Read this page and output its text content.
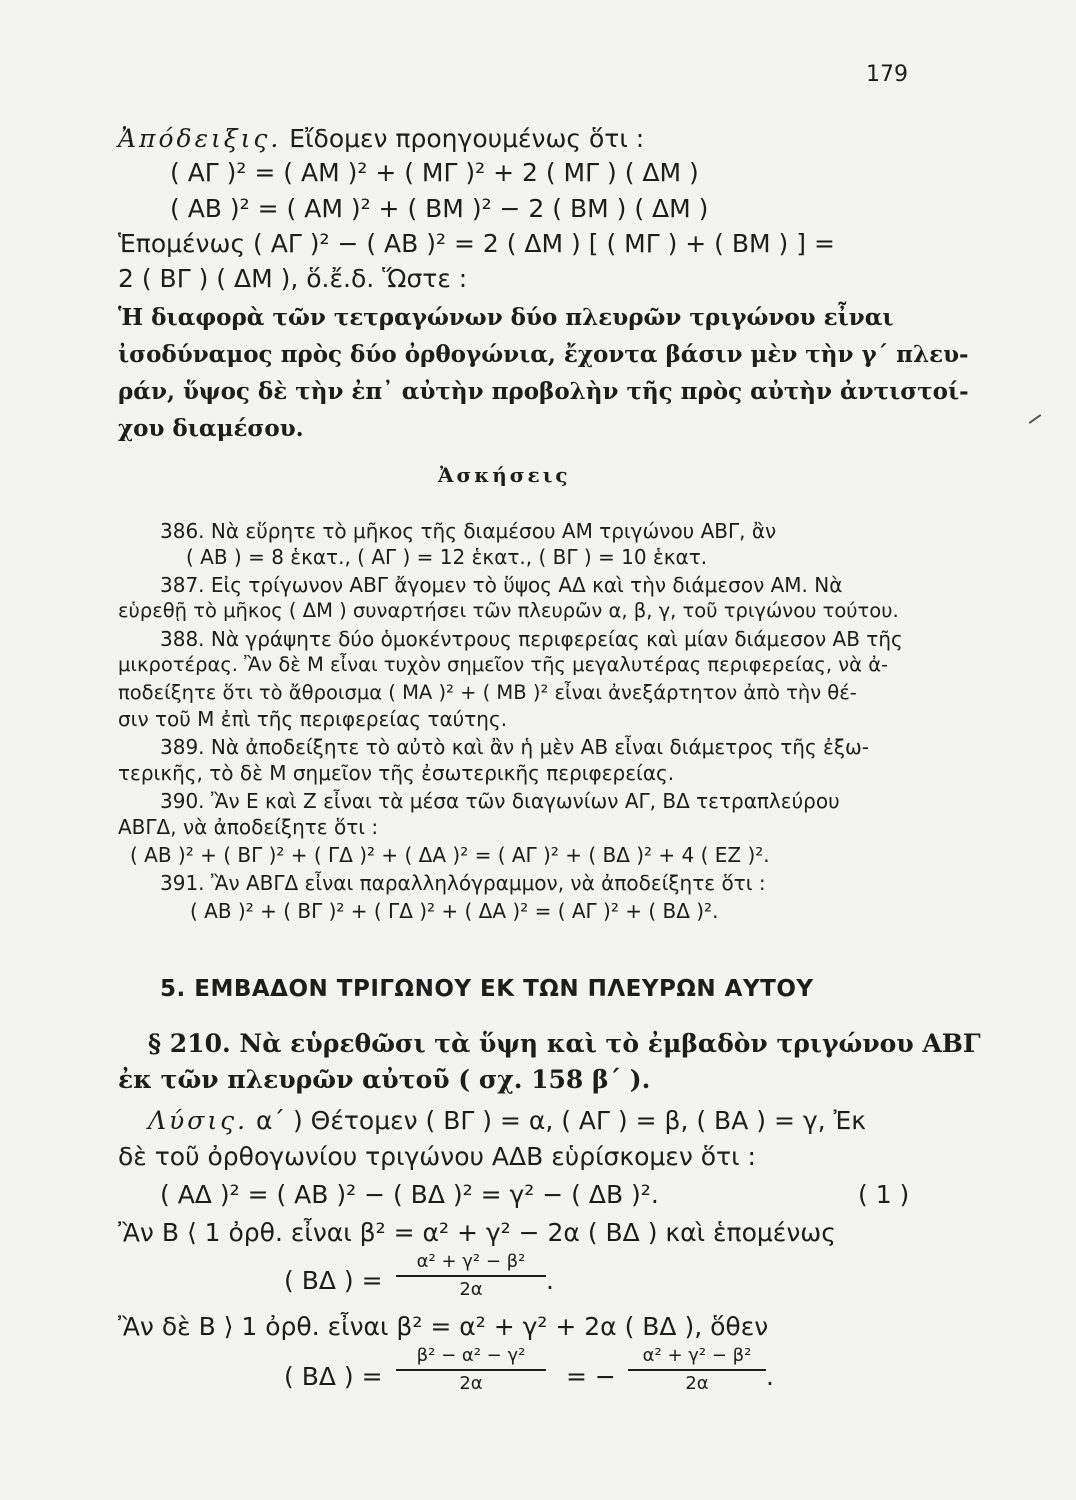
179
Ἀπόδειξις. Εἴδομεν προηγουμένως ὅτι :
( ΑΓ )² = ( ΑΜ )² + ( ΜΓ )² + 2 ( ΜΓ ) ( ΔΜ )
( ΑΒ )² = ( ΑΜ )² + ( ΒΜ )² − 2 ( ΒΜ ) ( ΔΜ )
Ἑπομένως ( ΑΓ )² − ( ΑΒ )² = 2 ( ΔΜ ) [ ( ΜΓ ) + ( ΒΜ ) ] =
2 ( ΒΓ ) ( ΔΜ ), ὅ.ἔ.δ. Ὥστε :
Ἡ διαφορὰ τῶν τετραγώνων δύο πλευρῶν τριγώνου εἶναι
ἰσοδύναμος πρὸς δύο ὀρθογώνια, ἔχοντα βάσιν μὲν τὴν γ΄ πλευ-
ράν, ὕψος δὲ τὴν ἐπ᾽ αὐτὴν προβολὴν τῆς πρὸς αὐτὴν ἀντιστοί-
χου διαμέσου.
Ἀσκήσεις
386. Νὰ εὕρητε τὸ μῆκος τῆς διαμέσου ΑΜ τριγώνου ΑΒΓ, ἂν
( ΑΒ ) = 8 ἑκατ., ( ΑΓ ) = 12 ἑκατ., ( ΒΓ ) = 10 ἑκατ.
387. Εἰς τρίγωνον ΑΒΓ ἄγομεν τὸ ὕψος ΑΔ καὶ τὴν διάμεσον ΑΜ. Νὰ
εὑρεθῇ τὸ μῆκος ( ΔΜ ) συναρτήσει τῶν πλευρῶν α, β, γ, τοῦ τριγώνου τούτου.
388. Νὰ γράψητε δύο ὁμοκέντρους περιφερείας καὶ μίαν διάμεσον ΑΒ τῆς
μικροτέρας. Ἂν δὲ Μ εἶναι τυχὸν σημεῖον τῆς μεγαλυτέρας περιφερείας, νὰ ἀ-
ποδείξητε ὅτι τὸ ἄθροισμα ( ΜΑ )² + ( ΜΒ )² εἶναι ἀνεξάρτητον ἀπὸ τὴν θέ-
σιν τοῦ Μ ἐπὶ τῆς περιφερείας ταύτης.
389. Νὰ ἀποδείξητε τὸ αὐτὸ καὶ ἂν ἡ μὲν ΑΒ εἶναι διάμετρος τῆς ἐξω-
τερικῆς, τὸ δὲ Μ σημεῖον τῆς ἐσωτερικῆς περιφερείας.
390. Ἂν Ε καὶ Ζ εἶναι τὰ μέσα τῶν διαγωνίων ΑΓ, ΒΔ τετραπλεύρου
ΑΒΓΔ, νὰ ἀποδείξητε ὅτι :
( ΑΒ )² + ( ΒΓ )² + ( ΓΔ )² + ( ΔΑ )² = ( ΑΓ )² + ( ΒΔ )² + 4 ( ΕΖ )².
391. Ἂν ΑΒΓΔ εἶναι παραλληλόγραμμον, νὰ ἀποδείξητε ὅτι :
( ΑΒ )² + ( ΒΓ )² + ( ΓΔ )² + ( ΔΑ )² = ( ΑΓ )² + ( ΒΔ )².
5. ΕΜΒΑΔΟΝ ΤΡΙΓΩΝΟΥ ΕΚ ΤΩΝ ΠΛΕΥΡΩΝ ΑΥΤΟΥ
§ 210. Νὰ εὑρεθῶσι τὰ ὕψη καὶ τὸ ἐμβαδὸν τριγώνου ΑΒΓ
ἐκ τῶν πλευρῶν αὐτοῦ ( σχ. 158 β΄ ).
Λύσις. α΄ ) Θέτομεν ( ΒΓ ) = α, ( ΑΓ ) = β, ( ΒΑ ) = γ, Ἐκ
δὲ τοῦ ὀρθογωνίου τριγώνου ΑΔΒ εὑρίσκομεν ὅτι :
( ΑΔ )² = ( ΑΒ )² − ( ΒΔ )² = γ² − ( ΔΒ )².	( 1 )
Ἂν Β ⟨ 1 ὀρθ. εἶναι β² = α² + γ² − 2α ( ΒΔ ) καὶ ἑπομένως
( ΒΔ ) =
α² + γ² − β²
2α	.
Ἂν δὲ Β ⟩ 1 ὀρθ. εἶναι β² = α² + γ² + 2α ( ΒΔ ), ὅθεν
( ΒΔ ) =
β² − α² − γ²
2α	= −
α² + γ² − β²
2α	.
